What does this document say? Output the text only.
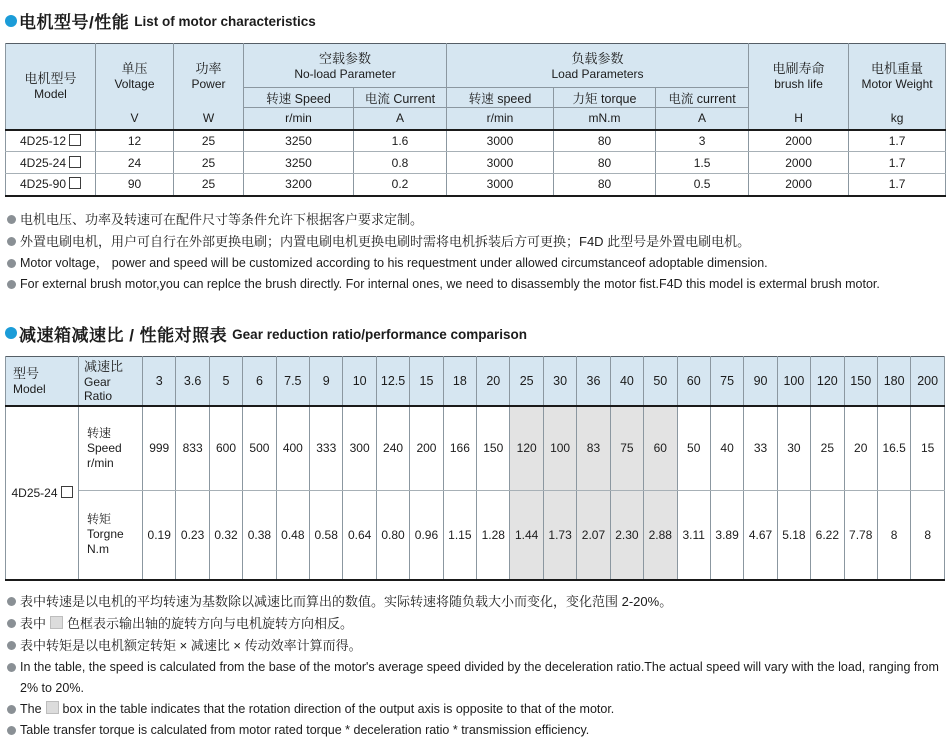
电机型号/性能 List of motor characteristics
电机型号
Model

单压
Voltage

功率
Power

空载参数
No-load Parameter

负载参数
Load Parameters	电刷寿命
brush life

电机重量
Motor Weight

			转速 Speed	电流 Current	转速 speed	力矩 torque	电流 current		
	V	W	r/min	A	r/min	mN.m	A	H	kg
4D25-12	12	25	3250	1.6	3000	80	3	2000	1.7
4D25-24	24	25	3250	0.8	3000	80	1.5	2000	1.7
4D25-90	90	25	3200	0.2	3000	80	0.5	2000	1.7
电机电压、功率及转速可在配件尺寸等条件允许下根据客户要求定制。
外置电刷电机，用户可自行在外部更换电刷；内置电刷电机更换电刷时需将电机拆装后方可更换；F4D 此型号是外置电刷电机。
Motor voltage， power and speed will be customized according to his requestment under allowed circumstanceof adoptable dimension.
For external brush motor,you can replce the brush directly. For internal ones, we need to disassembly the motor fist.F4D this model is extermal brush motor.
减速箱减速比 / 性能对照表 Gear reduction ratio/performance comparison
型号
Model

减速比
Gear Ratio
	3	3.6	5	6	7.5	9	10	12.5	15	18	20	25	30	36	40	50	60	75	90	100	120	150	180	200
4D25-24	转速
Speed
r/min	999	833	600	500	400	333	300	240	200	166	150	120	100	83	75	60	50	40	33	30	25	20	16.5	15

	转矩
Torgne
N.m	0.19	0.23	0.32	0.38	0.48	0.58	0.64	0.80	0.96	1.15	1.28	1.44	1.73	2.07	2.30	2.88	3.11	3.89	4.67	5.18	6.22	7.78	8	8
表中转速是以电机的平均转速为基数除以减速比而算出的数值。实际转速将随负载大小而变化，变化范围 2-20%。
表中 色框表示输出轴的旋转方向与电机旋转方向相反。
表中转矩是以电机额定转矩 × 减速比 × 传动效率计算而得。
In the table, the speed is calculated from the base of the motor's average speed divided by the deceleration ratio.The actual speed will vary with the load, ranging from 2% to 20%.
The box in the table indicates that the rotation direction of the output axis is opposite to that of the motor.
Table transfer torque is calculated from motor rated torque * deceleration ratio * transmission efficiency.
